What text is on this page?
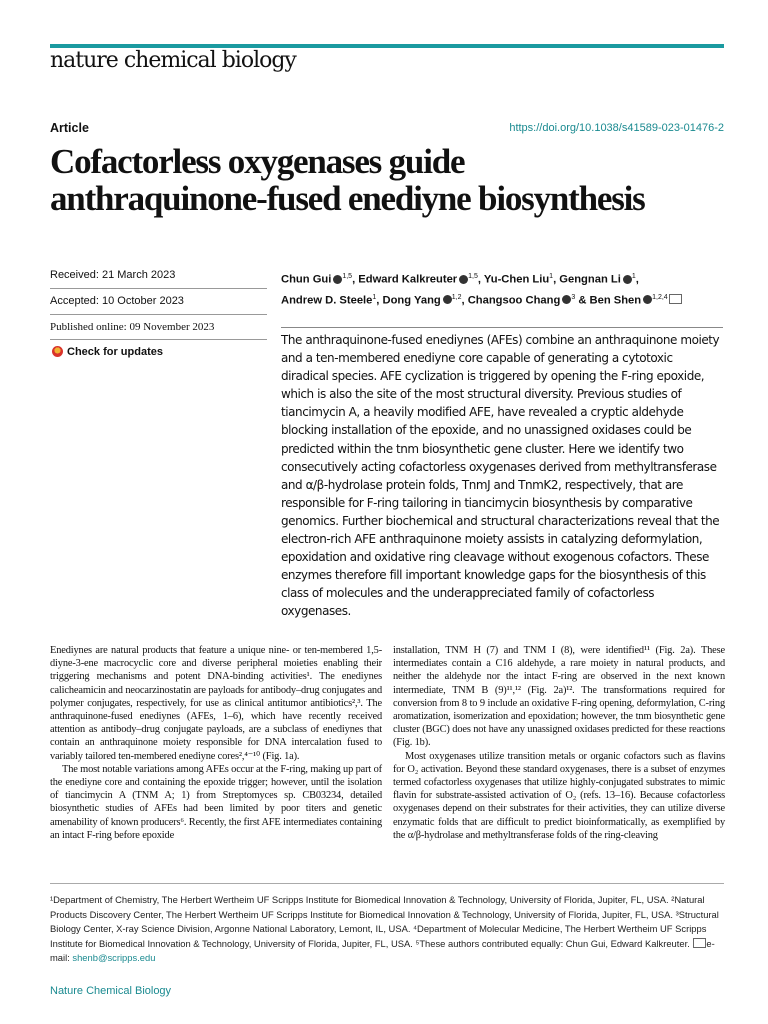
nature chemical biology
Article	https://doi.org/10.1038/s41589-023-01476-2
Cofactorless oxygenases guide
anthraquinone-fused enediyne biosynthesis
Received: 21 March 2023
Accepted: 10 October 2023
Published online: 09 November 2023
Check for updates
Chun Gui $^{1,5}$, Edward Kalkreuter $^{1,5}$, Yu-Chen Liu$^1$, Gengnan Li $^1$,
Andrew D. Steele$^1$, Dong Yang $^{1,2}$, Changsoo Chang $^3$ & Ben Shen $^{1,2,4}$

The anthraquinone-fused enediynes (AFEs) combine an anthraquinone moiety and a ten-membered enediyne core capable of generating a cytotoxic diradical species. AFE cyclization is triggered by opening the F-ring epoxide, which is also the site of the most structural diversity. Previous studies of tiancimycin A, a heavily modified AFE, have revealed a cryptic aldehyde blocking installation of the epoxide, and no unassigned oxidases could be predicted within the tnm biosynthetic gene cluster. Here we identify two consecutively acting cofactorless oxygenases derived from methyltransferase and α/β-hydrolase protein folds, TnmJ and TnmK2, respectively, that are responsible for F-ring tailoring in tiancimycin biosynthesis by comparative genomics. Further biochemical and structural characterizations reveal that the electron-rich AFE anthraquinone moiety assists in catalyzing deformylation, epoxidation and oxidative ring cleavage without exogenous cofactors. These enzymes therefore fill important knowledge gaps for the biosynthesis of this class of molecules and the underappreciated family of cofactorless oxygenases.

Enediynes are natural products that feature a unique nine- or ten-membered 1,5-diyne-3-ene macrocyclic core and diverse peripheral moieties enabling their triggering mechanisms and potent DNA-binding activities¹. The enediynes calicheamicin and neocarzinostatin are payloads for antibody–drug conjugates and polymer conjugates, respectively, for use as clinical antitumor antibiotics²,³. The anthraquinone-fused enediynes (AFEs, 1–6), which have recently received attention as antibody–drug conjugate payloads, are a subclass of enediynes that contain an anthraquinone moiety responsible for DNA intercalation fused to variably tailored ten-membered enediyne cores²,⁴⁻¹⁰ (Fig. 1a).

The most notable variations among AFEs occur at the F-ring, making up part of the enediyne core and containing the epoxide trigger; however, until the isolation of tiancimycin A (TNM A; 1) from Streptomyces sp. CB03234, detailed biosynthetic studies of AFEs had been limited by poor titers and genetic amenability of known producers⁶. Recently, the first AFE intermediates containing an intact F-ring before epoxide

installation, TNM H (7) and TNM I (8), were identified¹¹ (Fig. 2a). These intermediates contain a C16 aldehyde, a rare moiety in natural products, and neither the aldehyde nor the intact F-ring are observed in the next known intermediate, TNM B (9)¹¹,¹² (Fig. 2a)¹². The transformations required for conversion from 8 to 9 include an oxidative F-ring opening, deformylation, C-ring aromatization, isomerization and epoxidation; however, the tnm biosynthetic gene cluster (BGC) does not have any unassigned oxidases predicted for these reactions (Fig. 1b).

Most oxygenases utilize transition metals or organic cofactors such as flavins for O₂ activation. Beyond these standard oxygenases, there is a subset of enzymes termed cofactorless oxygenases that utilize highly-conjugated substrates to mimic flavin for substrate-assisted activation of O₂ (refs. 13–16). Because cofactorless oxygenases depend on their substrates for their activities, they can utilize diverse enzymatic folds that are difficult to predict bioinformatically, as exemplified by the α/β-hydrolase and methyltransferase folds of the ring-cleaving

¹Department of Chemistry, The Herbert Wertheim UF Scripps Institute for Biomedical Innovation & Technology, University of Florida, Jupiter, FL, USA. ²Natural Products Discovery Center, The Herbert Wertheim UF Scripps Institute for Biomedical Innovation & Technology, University of Florida, Jupiter, FL, USA. ³Structural Biology Center, X-ray Science Division, Argonne National Laboratory, Lemont, IL, USA. ⁴Department of Molecular Medicine, The Herbert Wertheim UF Scripps Institute for Biomedical Innovation & Technology, University of Florida, Jupiter, FL, USA. ⁵These authors contributed equally: Chun Gui, Edward Kalkreuter. e-mail: shenb@scripps.edu

Nature Chemical Biology
